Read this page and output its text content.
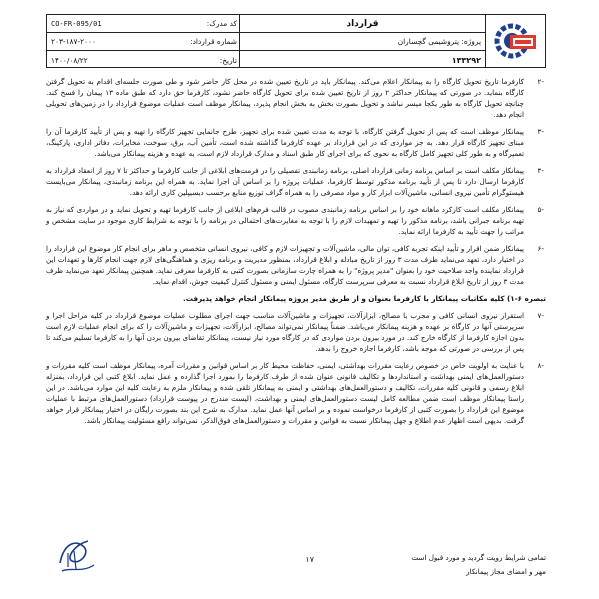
قرارداد
پروژه: پتروشیمی گچساران
۱۳۳۲۹۲
کد مدرک:
CO-FR-095/01
شماره قرارداد:
۲۰۳-۱۸۷-۲۰۰۰
تاریخ:
۱۴۰۰/۰۸/۲۲
-۲

کارفرما تاریخ تحویل کارگاه را به پیمانکار اعلام می‌کند. پیمانکار باید در تاریخ تعیین شده در محل کار حاضر شود و طی صورت جلسه‌ای اقدام به تحویل گرفتن کارگاه بنماید. در صورتی که پیمانکار حداکثر ۲ روز از تاریخ تعیین شده برای تحویل کارگاه حاضر نشود، کارفرما حق دارد که طبق ماده ۱۳ پیمان را فسخ کند. چنانچه تحویل کارگاه به طور یکجا میسر نباشد و تحویل بصورت بخش به بخش انجام پذیرد، پیمانکار موظف است عملیات موضوع قرارداد را در زمین‌های تحویلی انجام دهد.

-۳

پیمانکار موظف است که پس از تحویل گرفتن کارگاه، با توجه به مدت تعیین شده برای تجهیز، طرح جانمایی تجهیز کارگاه را تهیه و پس از تأیید کارفرما آن را مبنای تجهیز کارگاه قرار دهد. به جز مواردی که در این قرارداد بر عهده کارفرما گذاشته شده است، تأمین آب، برق، سوخت، مخابرات، دفاتر اداری، پارکینگ، تعمیرگاه و به طور کلی تجهیز کامل کارگاه به نحوی که برای اجرای کار طبق اسناد و مدارک قرارداد لازم است، به عهده و هزینه پیمانکار می‌باشد.

-۴

پیمانکار مکلف است بر اساس برنامه زمانی قرارداد اصلی، برنامه زمانبندی تفصیلی را در فرمت‌های ابلاغی از جانب کارفرما و حداکثر تا ۷ روز از انعقاد قرارداد به کارفرما ارسال دارد تا پس از تأیید برنامه مذکور توسط کارفرما، عملیات پروژه را بر اساس آن اجرا نماید. به همراه این برنامه زمانبندی، پیمانکار می‌بایست هیستوگرام تأمین نیروی انسانی، ماشین‌آلات ابزار کار و مواد مصرفی را به همراه گراف توزیع منابع برحسب دیسیپلین کاری ارائه دهد.

-۵

پیمانکار مکلف است کارکرد ماهانه خود را بر اساس برنامه زمانبندی مصوب در قالب فرم‌های ابلاغی از جانب کارفرما تهیه و تحویل نماید و در مواردی که نیاز به تهیه برنامه جبرانی باشد، برنامه مذکور را تهیه و تمهیدات لازم را با توجه به مغایرت‌های احتمالی در برنامه را با توجه به شرایط کاری موجود در سایت مشخص و مراتب را جهت تأیید به کارفرما ارائه نماید.

-۶

پیمانکار ضمن اقرار و تأیید اینکه تجربه کافی، توان مالی، ماشین‌آلات و تجهیزات لازم و کافی، نیروی انسانی متخصص و ماهر برای انجام کار موضوع این قرارداد را در اختیار دارد، تعهد می‌نماید ظرف مدت ۳ روز از تاریخ مبادله و ابلاغ قرارداد، بمنظور مدیریت و برنامه ریزی و هماهنگی‌های لازم جهت انجام کارها و تعهدات این قرارداد نماینده واجد صلاحیت خود را بعنوان "مدیر پروژه" را به همراه چارت سازمانی بصورت کتبی به کارفرما معرفی نماید. همچنین پیمانکار تعهد می‌نماید ظرف مدت ۳ روز از تاریخ ابلاغ قرارداد نسبت به معرفی سرپرست کارگاه، مسئول ایمنی و مسئول کنترل کیفیت جوش، اقدام نماید.

تبصره ۶-۱) کلیه مکاتبات پیمانکار با کارفرما بعنوان و از طریق مدیر پروژه پیمانکار انجام خواهد پذیرفت.

-۷

استقرار نیروی انسانی کافی و مجرب با مصالح، ابزارآلات، تجهیزات و ماشین‌آلات مناسب جهت اجرای مطلوب عملیات موضوع قرارداد در کلیه مراحل اجرا و سرپرستی آنها در کارگاه بر عهده و هزینه پیمانکار می‌باشد. ضمناً پیمانکار نمی‌تواند مصالح، ابزارآلات، تجهیزات و ماشین‌آلات را که برای انجام عملیات لازم است بدون اجازه کارفرما از کارگاه خارج کند. در مورد بیرون بردن مواردی که در کارگاه مورد نیاز نیست، پیمانکار تقاضای بیرون بردن آنها را به کارفرما تسلیم می‌کند تا پس از بررسی در صورتی که موجه باشد، کارفرما اجازه خروج را بدهد.

-۸

با عنایت به اولویت خاص در خصوص رعایت مقررات بهداشتی، ایمنی، حفاظت محیط کار بر اساس قوانین و مقررات آمره، پیمانکار موظف است کلیه مقررات و دستورالعمل‌های ایمنی بهداشت و استانداردها و تکالیف قانونی عنوان شده از طرف کارفرما را بمورد اجرا گذارده و عمل نماید. ابلاغ کتبی این قرارداد، بمنزله ابلاغ رسمی و قانونی کلیه مقررات، تکالیف و دستورالعمل‌های بهداشتی و ایمنی به پیمانکار تلقی شده و پیمانکار ملزم به رعایت کلیه این موارد می‌باشد. در این راستا پیمانکار موظف است ضمن مطالعه کامل لیست دستورالعمل‌های ایمنی و بهداشت، (لیست مندرج در پیوست قرارداد) دستورالعمل‌های مرتبط با عملیات موضوع این قرارداد را بصورت کتبی از کارفرما درخواست نموده و بر اساس آنها عمل نماید. مدارک به شرح این بند بصورت رایگان در اختیار پیمانکار قرار خواهد گرفت. بدیهی است اظهار عدم اطلاع و جهل پیمانکار نسبت به قوانین و مقررات و دستورالعمل‌های فوق‌الذکر، نمی‌تواند رافع مسئولیت پیمانکار باشد.

تمامی شرایط رویت گردید و مورد قبول است
مهر و امضای مجاز پیمانکار
۱۷
